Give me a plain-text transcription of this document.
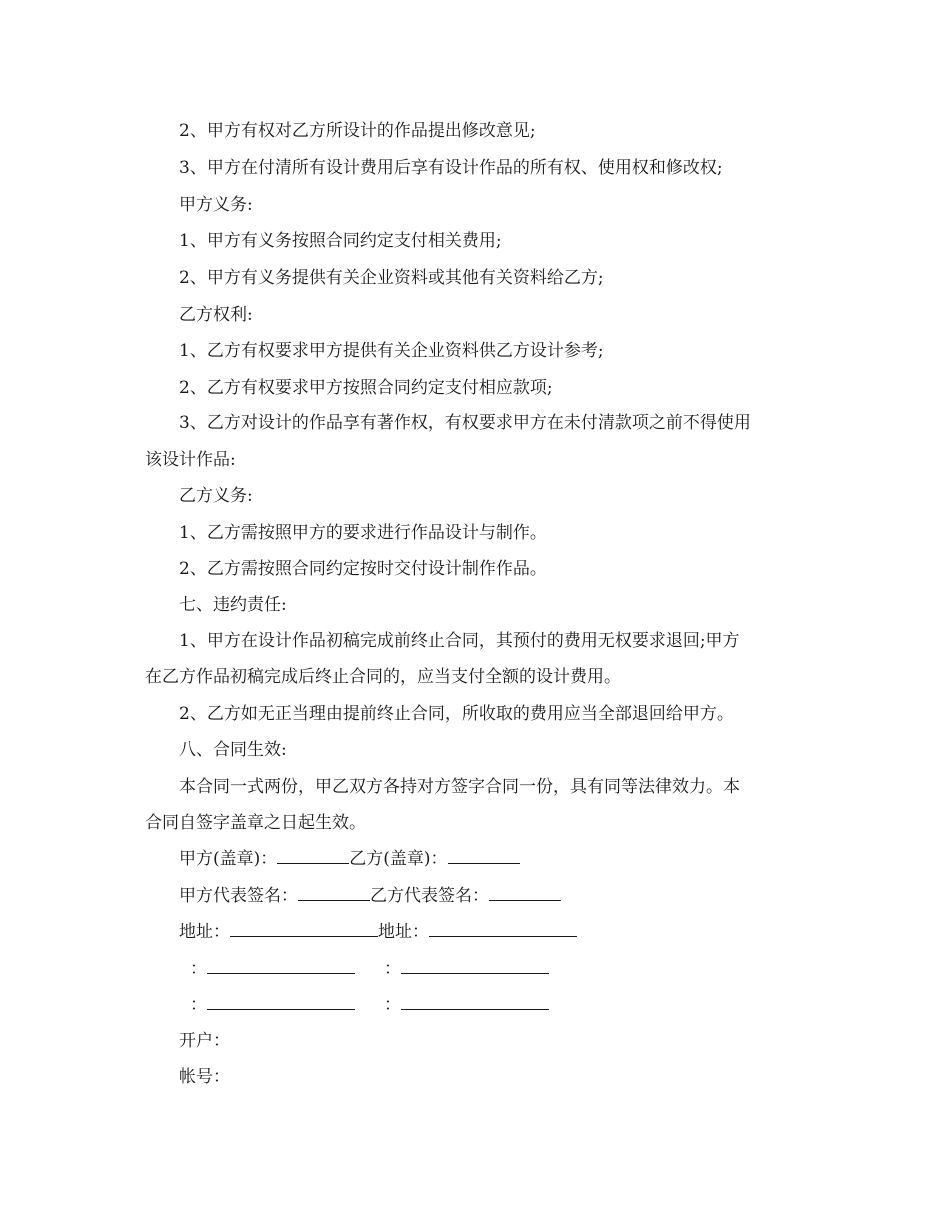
2、甲方有权对乙方所设计的作品提出修改意见;
3、甲方在付清所有设计费用后享有设计作品的所有权、使用权和修改权;
甲方义务:
1、甲方有义务按照合同约定支付相关费用;
2、甲方有义务提供有关企业资料或其他有关资料给乙方;
乙方权利:
1、乙方有权要求甲方提供有关企业资料供乙方设计参考;
2、乙方有权要求甲方按照合同约定支付相应款项;
3、乙方对设计的作品享有著作权，有权要求甲方在未付清款项之前不得使用
该设计作品:
乙方义务:
1、乙方需按照甲方的要求进行作品设计与制作。
2、乙方需按照合同约定按时交付设计制作作品。
七、违约责任:
1、甲方在设计作品初稿完成前终止合同，其预付的费用无权要求退回;甲方
在乙方作品初稿完成后终止合同的，应当支付全额的设计费用。
2、乙方如无正当理由提前终止合同，所收取的费用应当全部退回给甲方。
八、合同生效:
本合同一式两份，甲乙双方各持对方签字合同一份，具有同等法律效力。本
合同自签字盖章之日起生效。
甲方(盖章)：	乙方(盖章)：
甲方代表签名：	乙方代表签名：
地址：	地址：
：	：
：	：
开户：
帐号：
